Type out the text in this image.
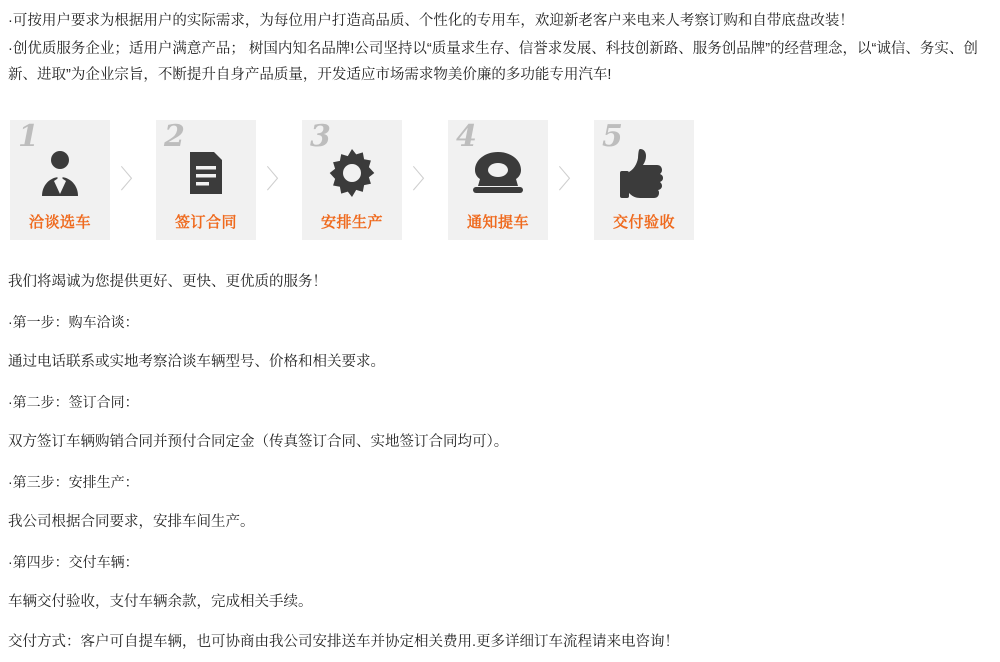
·可按用户要求为根据用户的实际需求，为每位用户打造高品质、个性化的专用车，欢迎新老客户来电来人考察订购和自带底盘改装！

·创优质服务企业；适用户满意产品； 树国内知名品牌!公司坚持以“质量求生存、信誉求发展、科技创新路、服务创品牌”的经营理念，以“诚信、务实、创新、进取”为企业宗旨，不断提升自身产品质量，开发适应市场需求物美价廉的多功能专用汽车!

1
洽谈选车
〉
2
签订合同
〉
3
安排生产
〉
4
通知提车
〉
5
交付验收

我们将竭诚为您提供更好、更快、更优质的服务！

·第一步：购车洽谈：

通过电话联系或实地考察洽谈车辆型号、价格和相关要求。

·第二步：签订合同：

双方签订车辆购销合同并预付合同定金（传真签订合同、实地签订合同均可）。

·第三步：安排生产：

我公司根据合同要求，安排车间生产。

·第四步：交付车辆：

车辆交付验收，支付车辆余款，完成相关手续。

交付方式：客户可自提车辆，也可协商由我公司安排送车并协定相关费用.更多详细订车流程请来电咨询！
